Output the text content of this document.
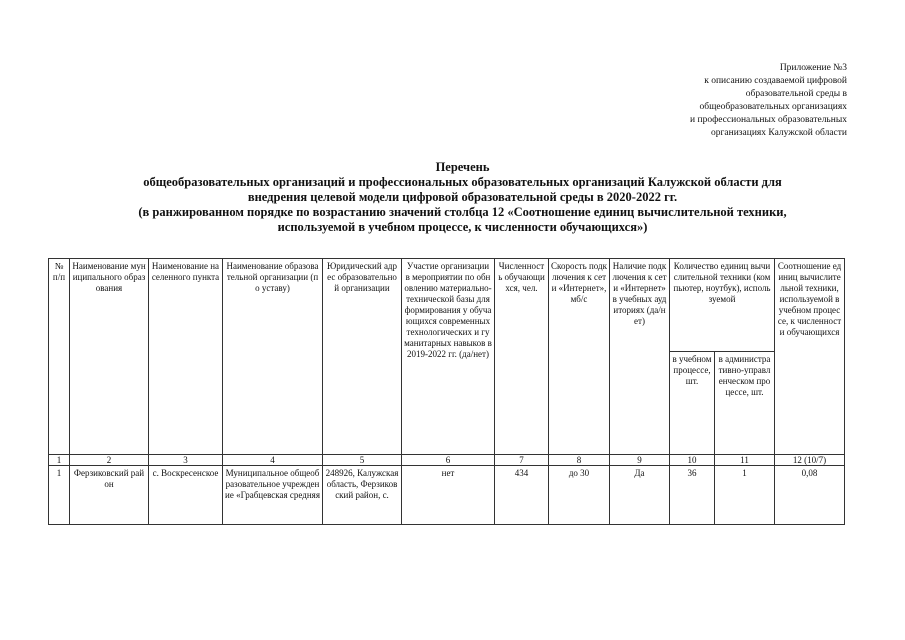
Приложение №3
к описанию создаваемой цифровой
образовательной среды в
общеобразовательных организациях
и профессиональных образовательных
организациях Калужской области
Перечень
общеобразовательных организаций и профессиональных образовательных организаций Калужской области для
внедрения целевой модели цифровой образовательной среды в 2020-2022 гг.
(в ранжированном порядке по возрастанию значений столбца 12 «Соотношение единиц вычислительной техники,
используемой в учебном процессе, к численности обучающихся»)
№ п/п	Наименование муниципального образования	Наименование населенного пункта	Наименование образовательной организации (по уставу)	Юридический адрес образовательной организации	Участие организации в мероприятии по обновлению материально-технической базы для формирования у обучающихся современных технологических и гуманитарных навыков в 2019-2022 гг. (да/нет)	Численность обучающихся, чел.	Скорость подключения к сети «Интернет», мб/с	Наличие подключения к сети «Интернет» в учебных аудиториях (да/нет)	Количество единиц вычислительной техники (компьютер, ноутбук), используемой		Соотношение единиц вычислительной техники, используемой в учебном процессе, к численности обучающихся
									в учебном процессе, шт.	в административно-управленческом процессе, шт.	
1	2	3	4	5	6	7	8	9	10	11	12 (10/7)
1	Ферзиковский район	с. Воскресенское	Муниципальное общеобразовательное учреждение «Грабцевская средняя	248926, Калужская область, Ферзиковский район, с.	нет	434	до 30	Да	36	1	0,08
